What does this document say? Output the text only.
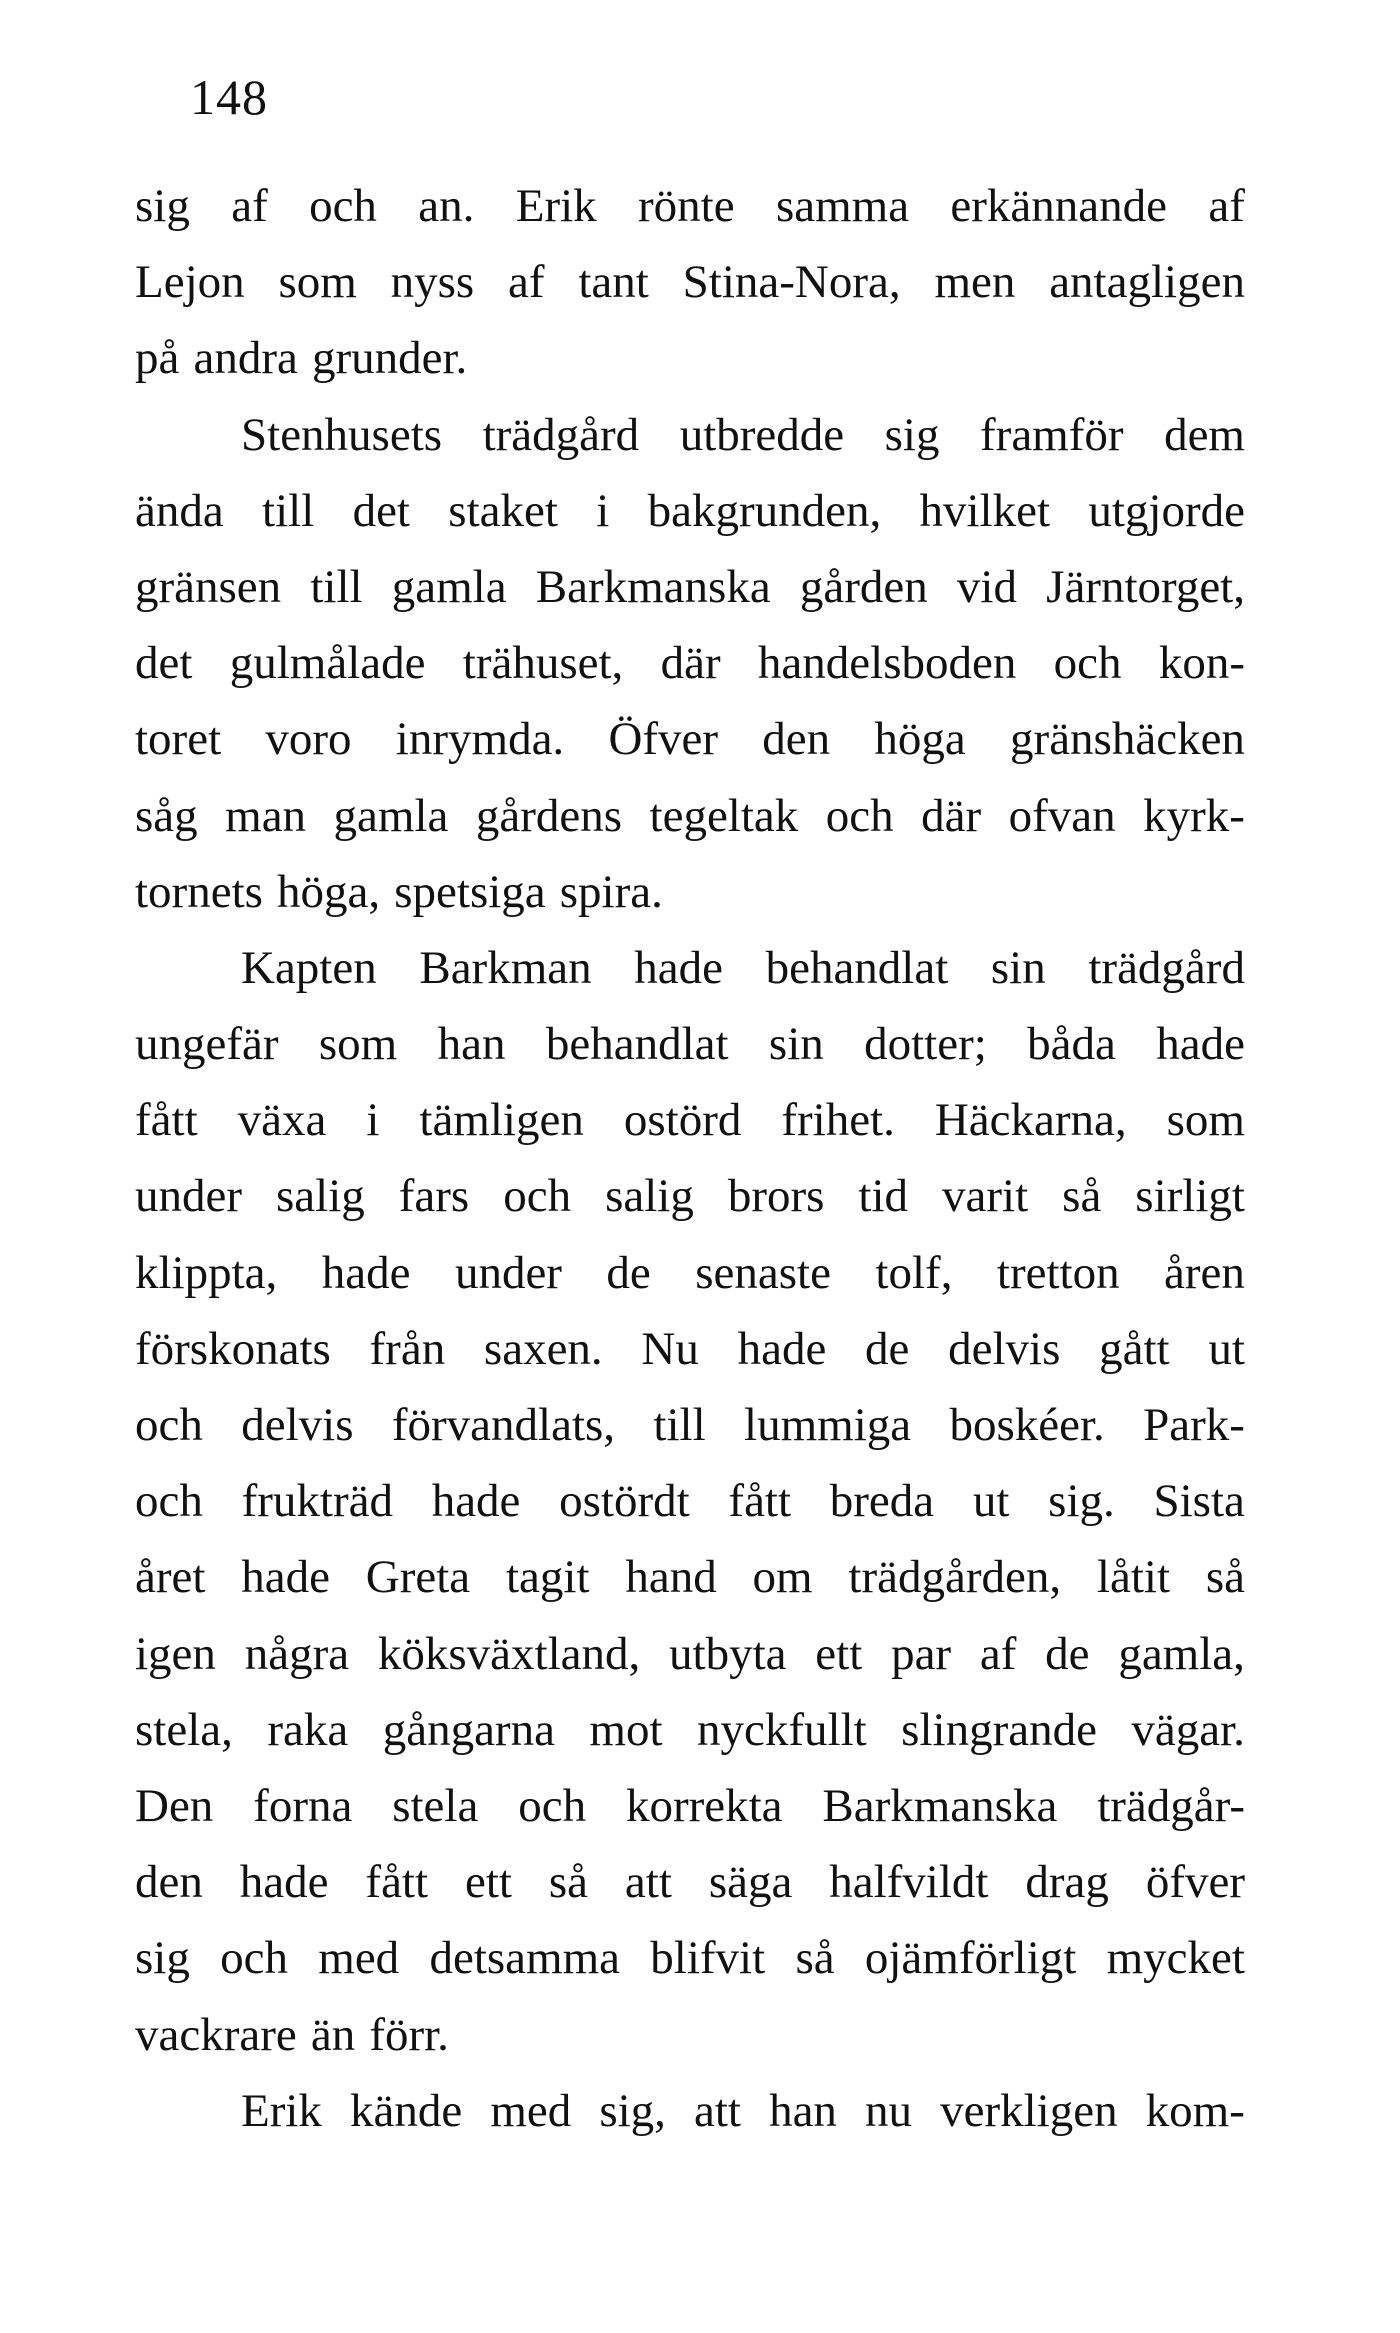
148
sig af och an. Erik rönte samma erkännande af
Lejon som nyss af tant Stina-Nora, men antagligen
på andra grunder.
Stenhusets trädgård utbredde sig framför dem
ända till det staket i bakgrunden, hvilket utgjorde
gränsen till gamla Barkmanska gården vid Järntorget,
det gulmålade trähuset, där handelsboden och kon-
toret voro inrymda. Öfver den höga gränshäcken
såg man gamla gårdens tegeltak och där ofvan kyrk-
tornets höga, spetsiga spira.
Kapten Barkman hade behandlat sin trädgård
ungefär som han behandlat sin dotter; båda hade
fått växa i tämligen ostörd frihet. Häckarna, som
under salig fars och salig brors tid varit så sirligt
klippta, hade under de senaste tolf, tretton åren
förskonats från saxen. Nu hade de delvis gått ut
och delvis förvandlats, till lummiga boskéer. Park-
och frukträd hade ostördt fått breda ut sig. Sista
året hade Greta tagit hand om trädgården, låtit så
igen några köksväxtland, utbyta ett par af de gamla,
stela, raka gångarna mot nyckfullt slingrande vägar.
Den forna stela och korrekta Barkmanska trädgår-
den hade fått ett så att säga halfvildt drag öfver
sig och med detsamma blifvit så ojämförligt mycket
vackrare än förr.
Erik kände med sig, att han nu verkligen kom-
